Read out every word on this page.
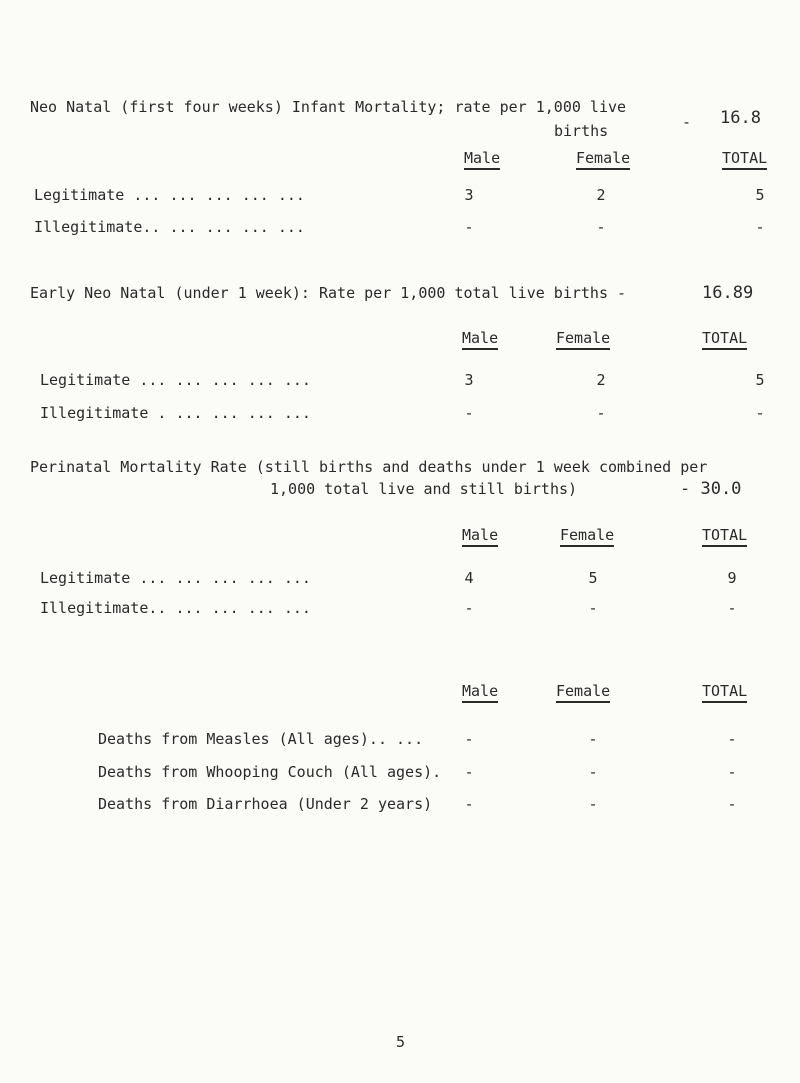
Neo Natal (first four weeks) Infant Mortality; rate per 1,000 live
births	- 16.8
Male	Female	TOTAL
Legitimate ... ... ... ... ...	3	2	5
Illegitimate.. ... ... ... ...	-	-	-
Early Neo Natal (under 1 week): Rate per 1,000 total live births -	16.89
Male	Female	TOTAL
Legitimate ... ... ... ... ...	3	2	5
Illegitimate . ... ... ... ...	-	-	-
Perinatal Mortality Rate (still births and deaths under 1 week combined per
1,000 total live and still births)	- 30.0
Male	Female	TOTAL
Legitimate ... ... ... ... ...	4	5	9
Illegitimate.. ... ... ... ...	-	-	-
Male	Female	TOTAL
Deaths from Measles (All ages).. ...	-	-	-
Deaths from Whooping Couch (All ages).	-	-	-
Deaths from Diarrhoea (Under 2 years)	-	-	-
5
